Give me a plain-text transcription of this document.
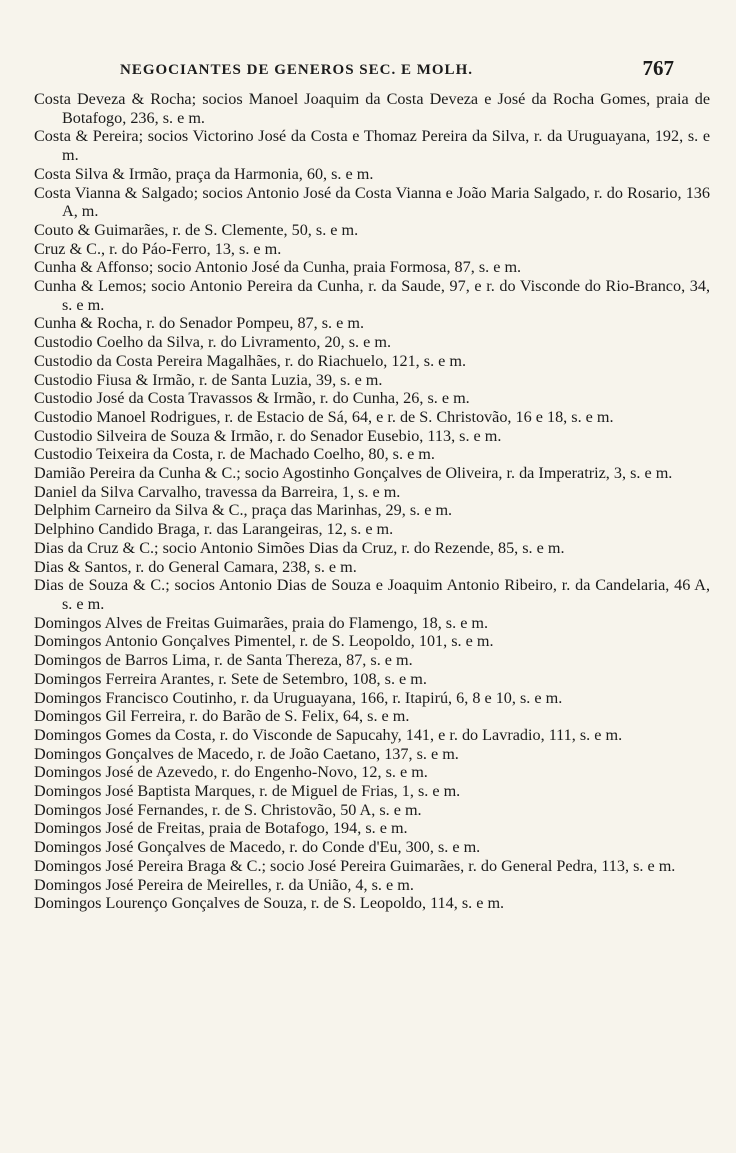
NEGOCIANTES DE GENEROS SEC. E MOLH.	767

Costa Deveza & Rocha; socios Manoel Joaquim da Costa Deveza e José da Rocha Gomes, praia de Botafogo, 236, s. e m.

Costa & Pereira; socios Victorino José da Costa e Thomaz Pereira da Silva, r. da Uruguayana, 192, s. e m.

Costa Silva & Irmão, praça da Harmonia, 60, s. e m.

Costa Vianna & Salgado; socios Antonio José da Costa Vianna e João Maria Salgado, r. do Rosario, 136 A, m.

Couto & Guimarães, r. de S. Clemente, 50, s. e m.

Cruz & C., r. do Páo-Ferro, 13, s. e m.

Cunha & Affonso; socio Antonio José da Cunha, praia Formosa, 87, s. e m.

Cunha & Lemos; socio Antonio Pereira da Cunha, r. da Saude, 97, e r. do Visconde do Rio-Branco, 34, s. e m.

Cunha & Rocha, r. do Senador Pompeu, 87, s. e m.

Custodio Coelho da Silva, r. do Livramento, 20, s. e m.

Custodio da Costa Pereira Magalhães, r. do Riachuelo, 121, s. e m.

Custodio Fiusa & Irmão, r. de Santa Luzia, 39, s. e m.

Custodio José da Costa Travassos & Irmão, r. do Cunha, 26, s. e m.

Custodio Manoel Rodrigues, r. de Estacio de Sá, 64, e r. de S. Christovão, 16 e 18, s. e m.

Custodio Silveira de Souza & Irmão, r. do Senador Eusebio, 113, s. e m.

Custodio Teixeira da Costa, r. de Machado Coelho, 80, s. e m.

Damião Pereira da Cunha & C.; socio Agostinho Gonçalves de Oliveira, r. da Imperatriz, 3, s. e m.

Daniel da Silva Carvalho, travessa da Barreira, 1, s. e m.

Delphim Carneiro da Silva & C., praça das Marinhas, 29, s. e m.

Delphino Candido Braga, r. das Larangeiras, 12, s. e m.

Dias da Cruz & C.; socio Antonio Simões Dias da Cruz, r. do Rezende, 85, s. e m.

Dias & Santos, r. do General Camara, 238, s. e m.

Dias de Souza & C.; socios Antonio Dias de Souza e Joaquim Antonio Ribeiro, r. da Candelaria, 46 A, s. e m.

Domingos Alves de Freitas Guimarães, praia do Flamengo, 18, s. e m.

Domingos Antonio Gonçalves Pimentel, r. de S. Leopoldo, 101, s. e m.

Domingos de Barros Lima, r. de Santa Thereza, 87, s. e m.

Domingos Ferreira Arantes, r. Sete de Setembro, 108, s. e m.

Domingos Francisco Coutinho, r. da Uruguayana, 166, r. Itapirú, 6, 8 e 10, s. e m.

Domingos Gil Ferreira, r. do Barão de S. Felix, 64, s. e m.

Domingos Gomes da Costa, r. do Visconde de Sapucahy, 141, e r. do Lavradio, 111, s. e m.

Domingos Gonçalves de Macedo, r. de João Caetano, 137, s. e m.

Domingos José de Azevedo, r. do Engenho-Novo, 12, s. e m.

Domingos José Baptista Marques, r. de Miguel de Frias, 1, s. e m.

Domingos José Fernandes, r. de S. Christovão, 50 A, s. e m.

Domingos José de Freitas, praia de Botafogo, 194, s. e m.

Domingos José Gonçalves de Macedo, r. do Conde d'Eu, 300, s. e m.

Domingos José Pereira Braga & C.; socio José Pereira Guimarães, r. do General Pedra, 113, s. e m.

Domingos José Pereira de Meirelles, r. da União, 4, s. e m.

Domingos Lourenço Gonçalves de Souza, r. de S. Leopoldo, 114, s. e m.
